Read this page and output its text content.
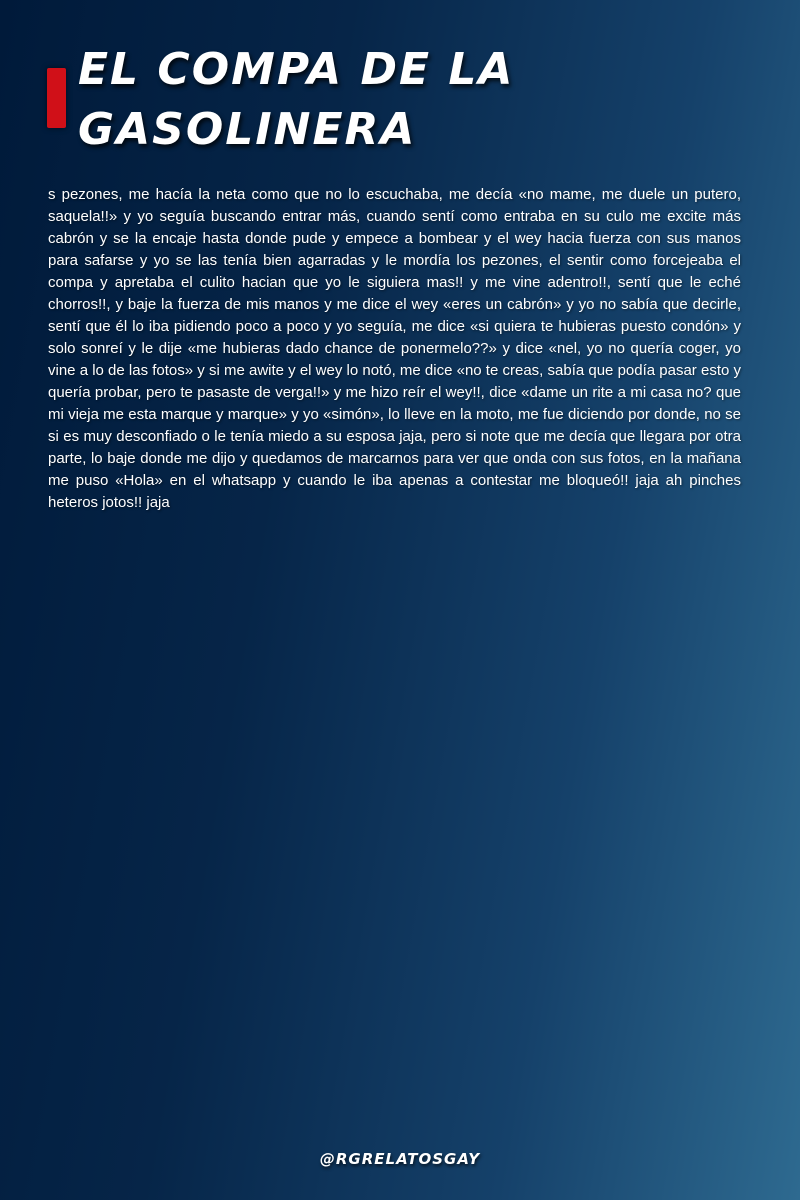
EL COMPA DE LA GASOLINERA

s pezones, me hacía la neta como que no lo escuchaba, me decía «no mame, me duele un putero, saquela!!» y yo seguía buscando entrar más, cuando sentí como entraba en su culo me excite más cabrón y se la encaje hasta donde pude y empece a bombear y el wey hacia fuerza con sus manos para safarse y yo se las tenía bien agarradas y le mordía los pezones, el sentir como forcejeaba el compa y apretaba el culito hacian que yo le siguiera mas!! y me vine adentro!!, sentí que le eché chorros!!, y baje la fuerza de mis manos y me dice el wey «eres un cabrón» y yo no sabía que decirle, sentí que él lo iba pidiendo poco a poco y yo seguía, me dice «si quiera te hubieras puesto condón» y solo sonreí y le dije «me hubieras dado chance de ponermelo??» y dice «nel, yo no quería coger, yo vine a lo de las fotos» y si me awite y el wey lo notó, me dice «no te creas, sabía que podía pasar esto y quería probar, pero te pasaste de verga!!» y me hizo reír el wey!!, dice «dame un rite a mi casa no? que mi vieja me esta marque y marque» y yo «simón», lo lleve en la moto, me fue diciendo por donde, no se si es muy desconfiado o le tenía miedo a su esposa jaja, pero si note que me decía que llegara por otra parte, lo baje donde me dijo y quedamos de marcarnos para ver que onda con sus fotos, en la mañana me puso «Hola» en el whatsapp y cuando le iba apenas a contestar me bloqueó!! jaja ah pinches heteros jotos!! jaja

@RGRELATOSGAY
